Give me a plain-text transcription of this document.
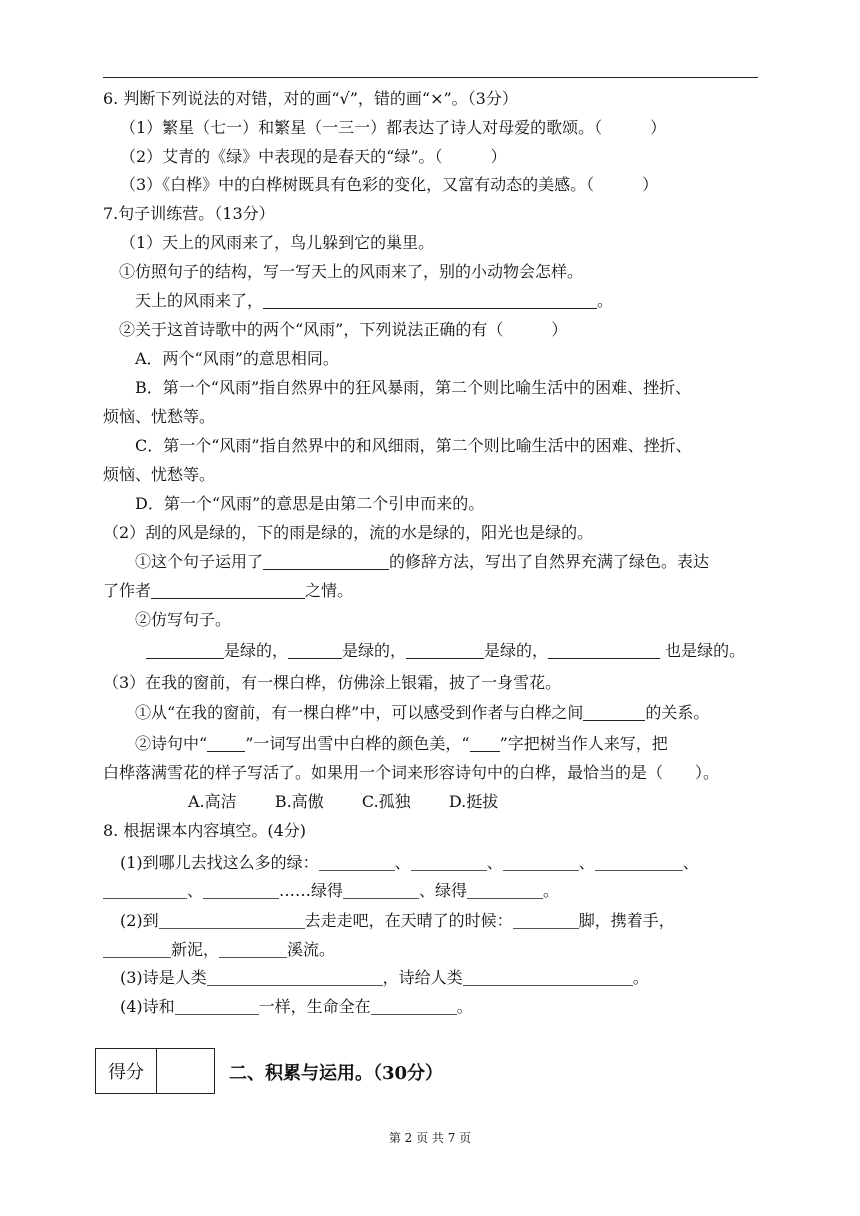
6. 判断下列说法的对错，对的画“√”，错的画“×”。（3分）
（1）繁星（七一）和繁星（一三一）都表达了诗人对母爱的歌颂。（　　　）
（2）艾青的《绿》中表现的是春天的“绿”。（　　　）
（3）《白桦》中的白桦树既具有色彩的变化，又富有动态的美感。（　　　）
7.句子训练营。（13分）
（1）天上的风雨来了，鸟儿躲到它的巢里。
①仿照句子的结构，写一写天上的风雨来了，别的小动物会怎样。
天上的风雨来了，	。
②关于这首诗歌中的两个“风雨”，下列说法正确的有（　　　）
A．两个“风雨”的意思相同。
B．第一个“风雨”指自然界中的狂风暴雨，第二个则比喻生活中的困难、挫折、
烦恼、忧愁等。
C．第一个“风雨”指自然界中的和风细雨，第二个则比喻生活中的困难、挫折、
烦恼、忧愁等。
D．第一个“风雨”的意思是由第二个引申而来的。
（2）刮的风是绿的，下的雨是绿的，流的水是绿的，阳光也是绿的。
①这个句子运用了	的修辞方法，写出了自然界充满了绿色。表达
了作者	之情。
②仿写句子。
是绿的，	是绿的，	是绿的，	也是绿的。
（3）在我的窗前，有一棵白桦，仿佛涂上银霜，披了一身雪花。
①从“在我的窗前，有一棵白桦”中，可以感受到作者与白桦之间	的关系。
②诗句中“ ”一词写出雪中白桦的颜色美，“ ”字把树当作人来写，把
白桦落满雪花的样子写活了。如果用一个词来形容诗句中的白桦，最恰当的是（　　）。
A.高洁 B.高傲 C.孤独 D.挺拔
8. 根据课本内容填空。(4分)
(1)到哪儿去找这么多的绿：	、	、	、	、
、	……绿得	、绿得	。
(2)到	去走走吧，在天晴了的时候：	脚，携着手，
新泥，	溪流。
(3)诗是人类	，诗给人类	。
(4)诗和	一样，生命全在	。
得分	二、积累与运用。（30分）
第 2 页 共 7 页
